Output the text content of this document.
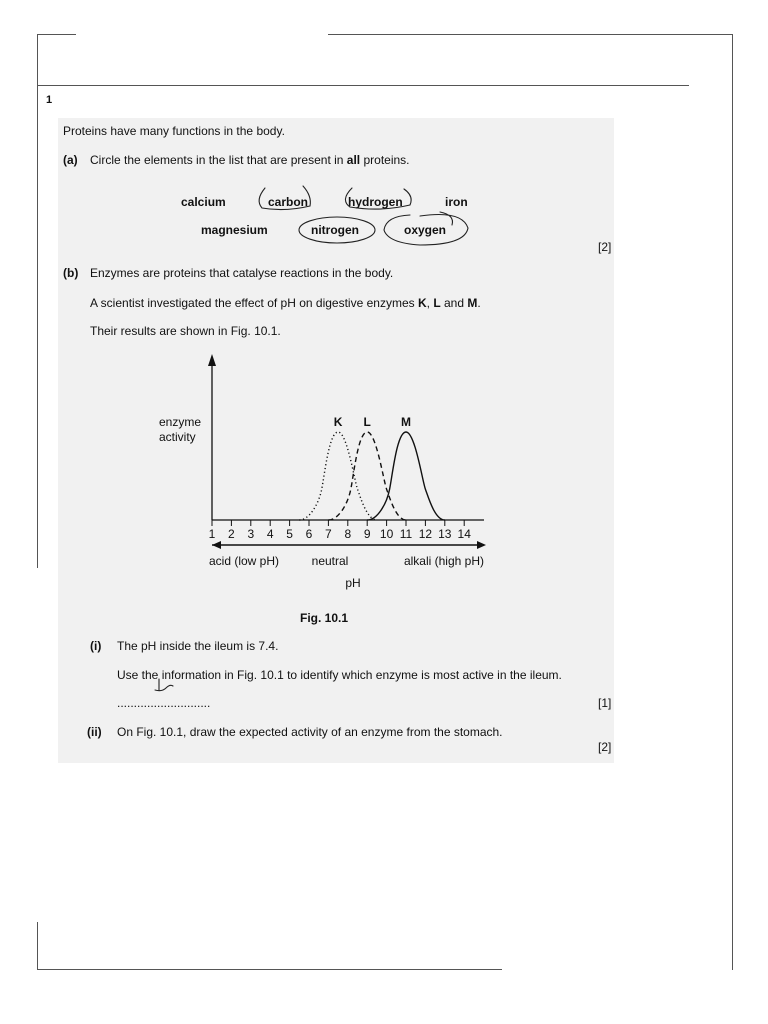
1
Proteins have many functions in the body.
(a) Circle the elements in the list that are present in all proteins.
calcium	carbon	hydrogen	iron
magnesium	nitrogen	oxygen
[2]
(b) Enzymes are proteins that catalyse reactions in the body.
A scientist investigated the effect of pH on digestive enzymes K, L and M.
Their results are shown in Fig. 10.1.
1 2 3 4 5 6 7 8 9 10 11 12 13 14
acid (low pH)	neutral	alkali (high pH)
pH
enzyme
activity
K L	M
Fig. 10.1
(i) The pH inside the ileum is 7.4.
Use the information in Fig. 10.1 to identify which enzyme is most active in the ileum.
............................	[1]
(ii) On Fig. 10.1, draw the expected activity of an enzyme from the stomach.
[2]
